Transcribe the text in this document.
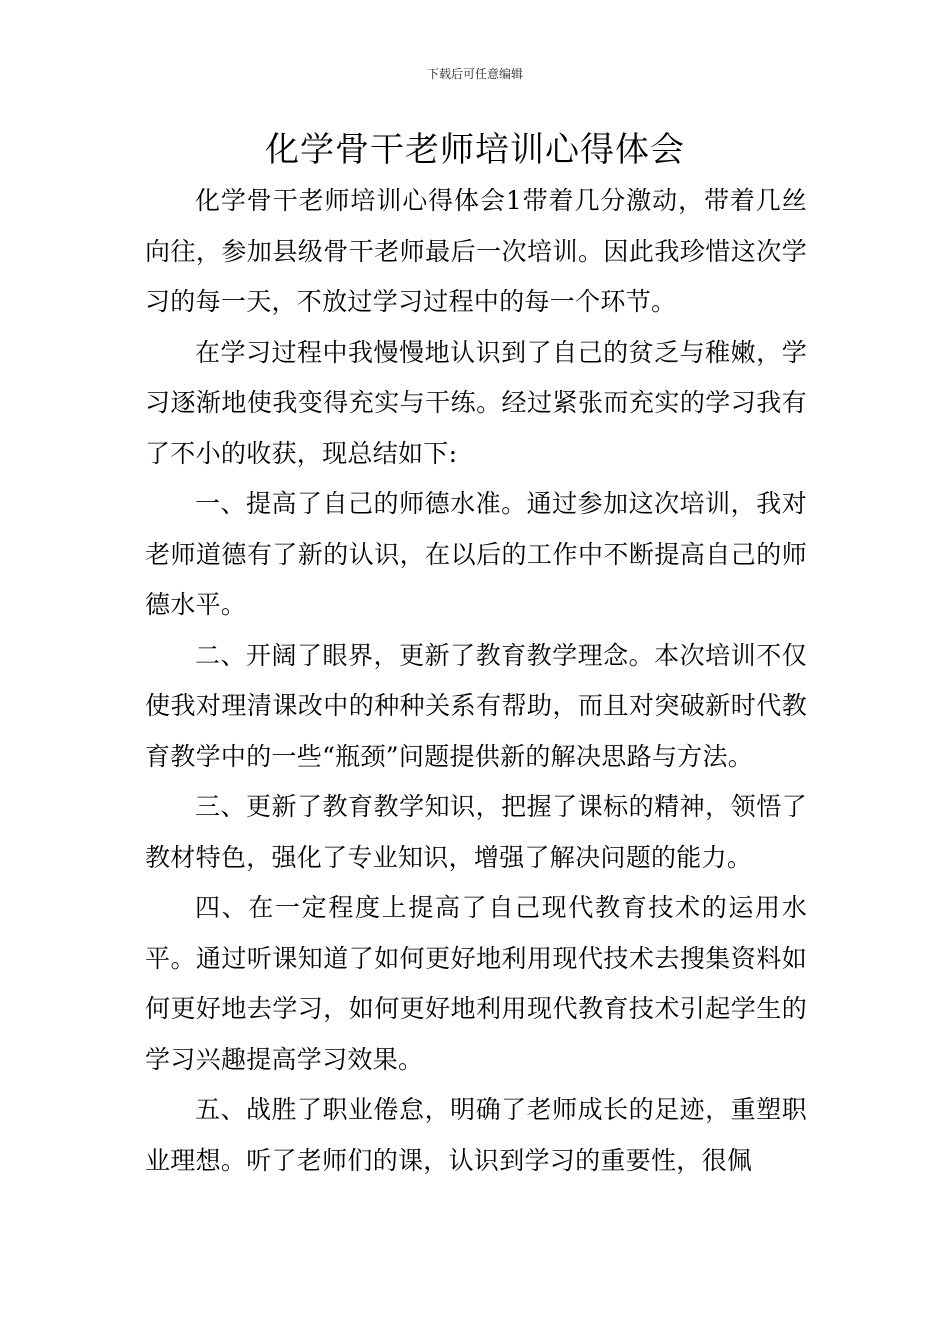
下载后可任意编辑
化学骨干老师培训心得体会

化学骨干老师培训心得体会1带着几分激动，带着几丝向往，参加县级骨干老师最后一次培训。因此我珍惜这次学习的每一天，不放过学习过程中的每一个环节。

在学习过程中我慢慢地认识到了自己的贫乏与稚嫩，学习逐渐地使我变得充实与干练。经过紧张而充实的学习我有了不小的收获，现总结如下:

一、提高了自己的师德水准。通过参加这次培训，我对老师道德有了新的认识，在以后的工作中不断提高自己的师德水平。

二、开阔了眼界，更新了教育教学理念。本次培训不仅使我对理清课改中的种种关系有帮助，而且对突破新时代教育教学中的一些“瓶颈”问题提供新的解决思路与方法。

三、更新了教育教学知识，把握了课标的精神，领悟了教材特色，强化了专业知识，增强了解决问题的能力。

四、在一定程度上提高了自己现代教育技术的运用水平。通过听课知道了如何更好地利用现代技术去搜集资料如何更好地去学习，如何更好地利用现代教育技术引起学生的学习兴趣提高学习效果。

五、战胜了职业倦怠，明确了老师成长的足迹，重塑职业理想。听了老师们的课，认识到学习的重要性，很佩
